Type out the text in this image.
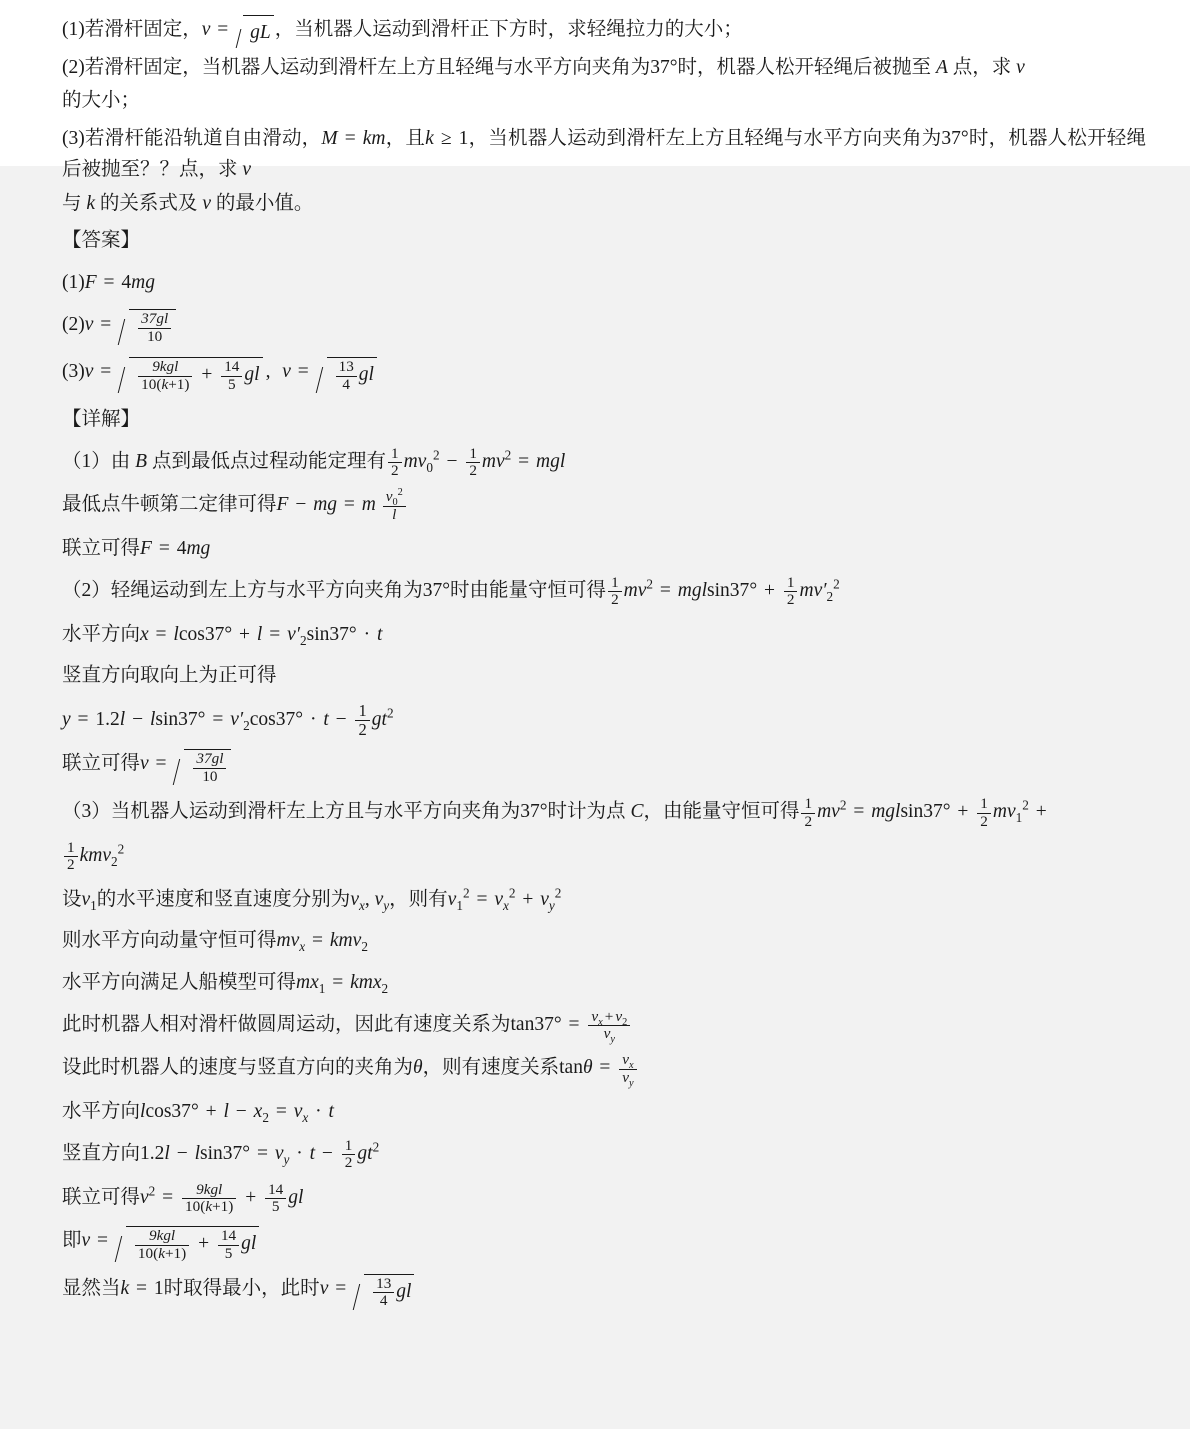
(1)若滑杆固定，v = gL ，当机器人运动到滑杆正下方时，求轻绳拉力的大小；

(2)若滑杆固定，当机器人运动到滑杆左上方且轻绳与水平方向夹角为37°时，机器人松开轻绳后被抛至 A 点，求 v

的大小；

(3)若滑杆能沿轨道自由滑动，M = km，且k ≥ 1，当机器人运动到滑杆左上方且轻绳与水平方向夹角为37°时，机器人松开轻绳后被抛至？？点，求 v

与 k 的关系式及 v 的最小值。

【答案】

(1)F = 4mg

$(2)v = \frac{37gl}{10}$

$(3)v = \frac{\text{9kgl}}{10(k+1)} + \frac{14}{5}$ gl , $v = \frac{13}{4}$ gl

【详解】

（1）由 B 点到最低点过程动能定理有 $\frac{1}{2} mv_0^2 - \frac{1}{2} mv^2$ = mgl

最低点牛顿第二定律可得F − mg = m $\frac{v_0^2}{l}$

联立可得F = 4mg

（2）轻绳运动到左上方与水平方向夹角为37°时由能量守恒可得 $\frac{1}{2} mv^2 = mglsin37^\circ + \frac{1}{2} mv'_2^2$

水平方向$x = lcos37^\circ + l = v'_2\sin 37^\circ \cdot t$

竖直方向取向上为正可得

$y = 1.2l - lsin37^\circ = v'_2\cos 37^\circ \cdot t - \frac{1}{2} gt^2$

联立可得$v = \frac{37gl}{10}$

（3）当机器人运动到滑杆左上方且与水平方向夹角为37°时计为点 C，由能量守恒可得 $\frac{1}{2} mv^2 = mglsin37^\circ + \frac{1}{2} mv_1^2$ +

$\frac{1}{2} kmv_2^2$

设$v_1$的水平速度和竖直速度分别为$v_x$, $v_y$，则有$v_1^2 = v_x^2 + v_y^2$

则水平方向动量守恒可得$mv_x = kmv_2$

水平方向满足人船模型可得$mx_1 = kmx_2$

此时机器人相对滑杆做圆周运动，因此有速度关系为$\tan 37^\circ = \frac{v_x + v_2}{v_y}$

设此时机器人的速度与竖直方向的夹角为θ，则有速度关系$\tan\theta = \frac{v_x}{v_y}$

水平方向$lcos37^\circ + l - x_2 = v_x \cdot t$

竖直方向$1.2l - lsin37^\circ = v_y \cdot t - \frac{1}{2} gt^2$

联立可得$v^2 = \frac{\text{9kgl}}{10(k+1)} + \frac{14}{5}$ gl

即$v = \frac{\text{9kgl}}{10(k+1)} + \frac{14}{5}$ gl

显然当k = 1时取得最小，此时$v = \frac{13}{4}$ gl
